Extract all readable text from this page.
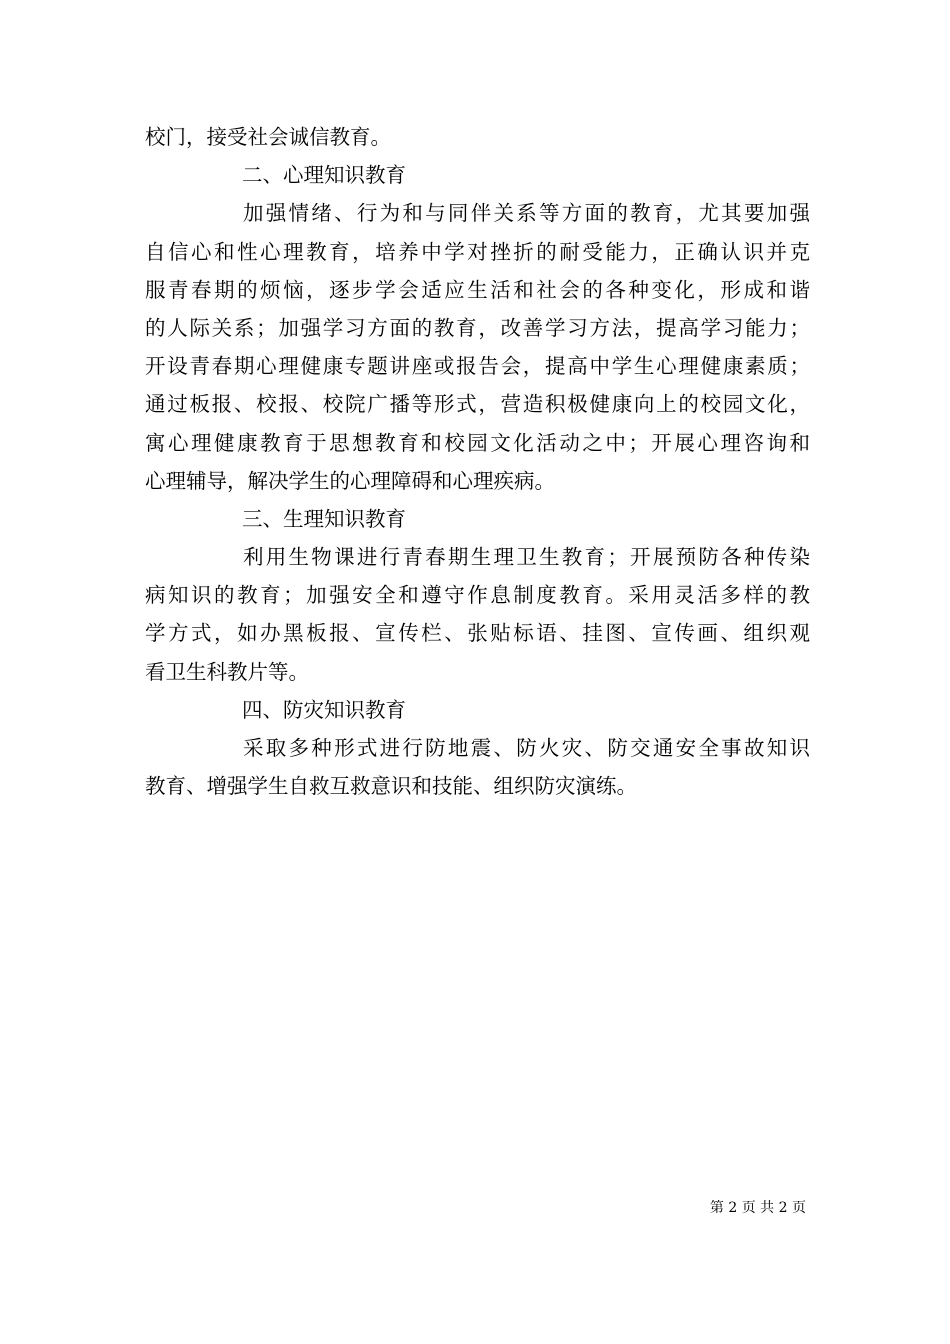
校门，接受社会诚信教育。
二、心理知识教育
加强情绪、行为和与同伴关系等方面的教育，尤其要加强
自信心和性心理教育，培养中学对挫折的耐受能力，正确认识并克
服青春期的烦恼，逐步学会适应生活和社会的各种变化，形成和谐
的人际关系；加强学习方面的教育，改善学习方法，提高学习能力；
开设青春期心理健康专题讲座或报告会，提高中学生心理健康素质；
通过板报、校报、校院广播等形式，营造积极健康向上的校园文化，
寓心理健康教育于思想教育和校园文化活动之中；开展心理咨询和
心理辅导，解决学生的心理障碍和心理疾病。
三、生理知识教育
利用生物课进行青春期生理卫生教育；开展预防各种传染
病知识的教育；加强安全和遵守作息制度教育。采用灵活多样的教
学方式，如办黑板报、宣传栏、张贴标语、挂图、宣传画、组织观
看卫生科教片等。
四、防灾知识教育
采取多种形式进行防地震、防火灾、防交通安全事故知识
教育、增强学生自救互救意识和技能、组织防灾演练。
第 2 页 共 2 页
